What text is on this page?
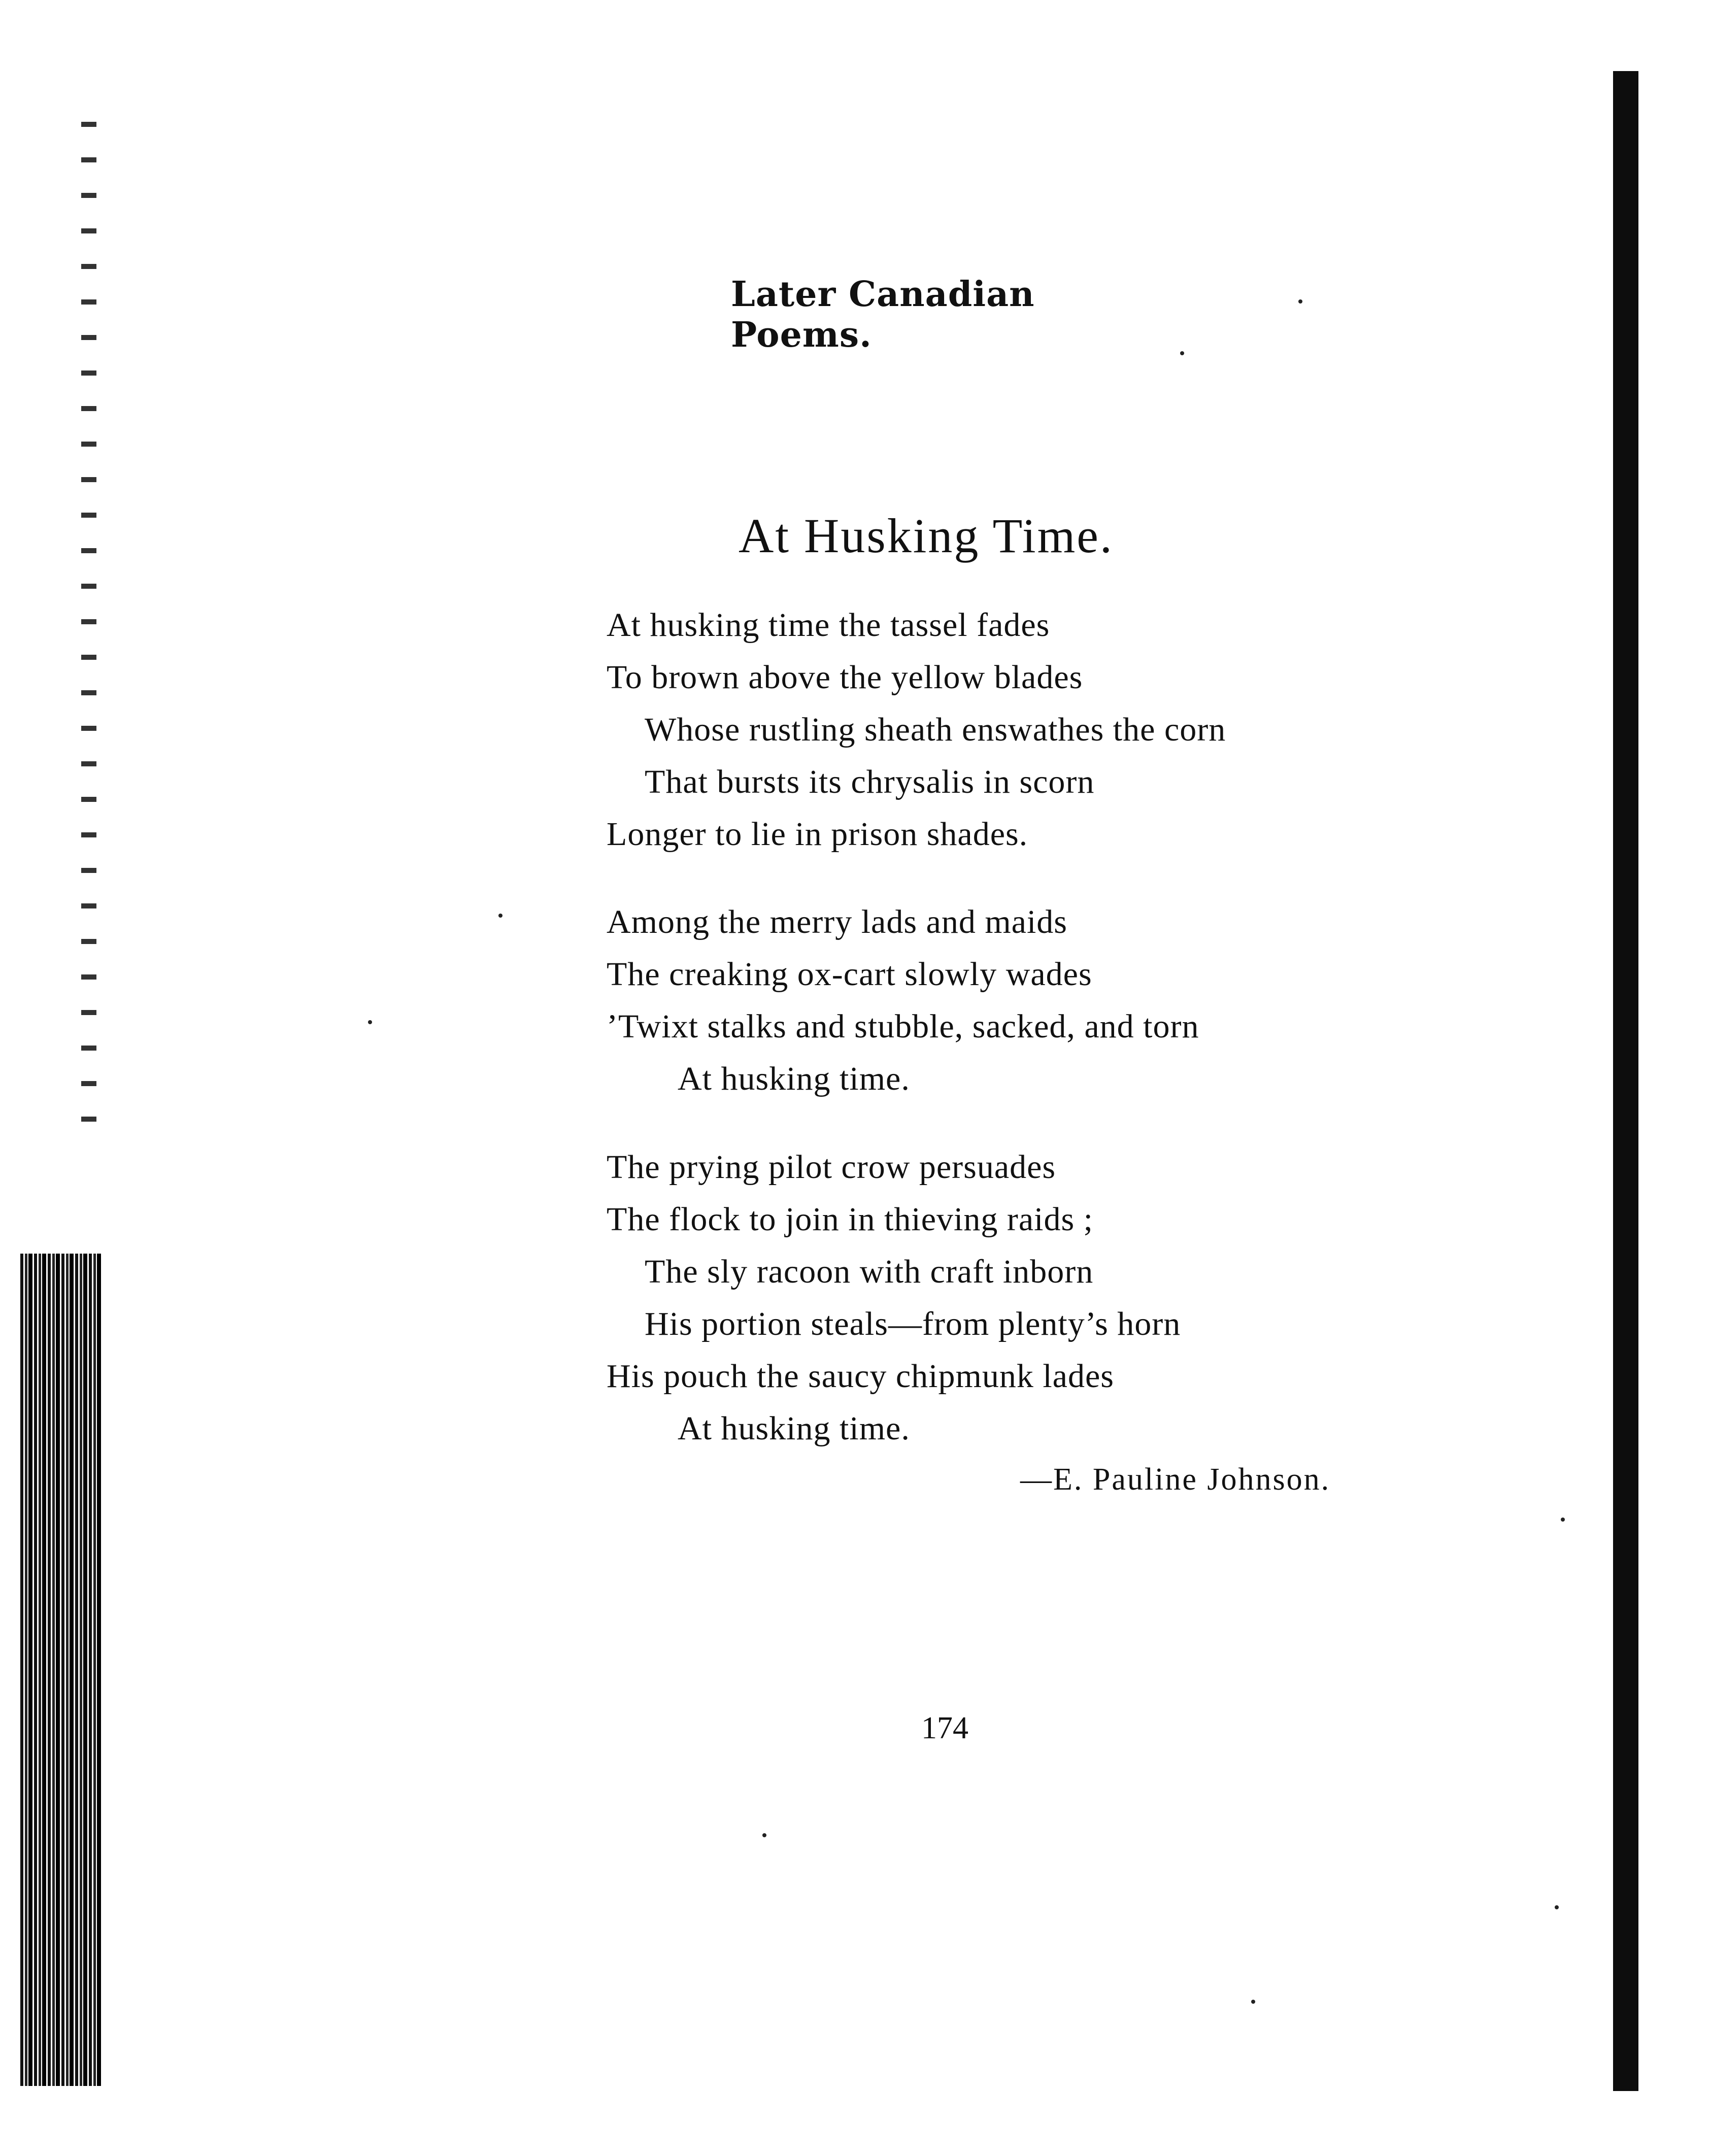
Later Canadian Poems.
At Husking Time.
At husking time the tassel fades
To brown above the yellow blades
Whose rustling sheath enswathes the corn
That bursts its chrysalis in scorn
Longer to lie in prison shades.
Among the merry lads and maids
The creaking ox-cart slowly wades
’Twixt stalks and stubble, sacked, and torn
At husking time.
The prying pilot crow persuades
The flock to join in thieving raids ;
The sly racoon with craft inborn
His portion steals—from plenty’s horn
His pouch the saucy chipmunk lades
At husking time.
—E. Pauline Johnson.
174
